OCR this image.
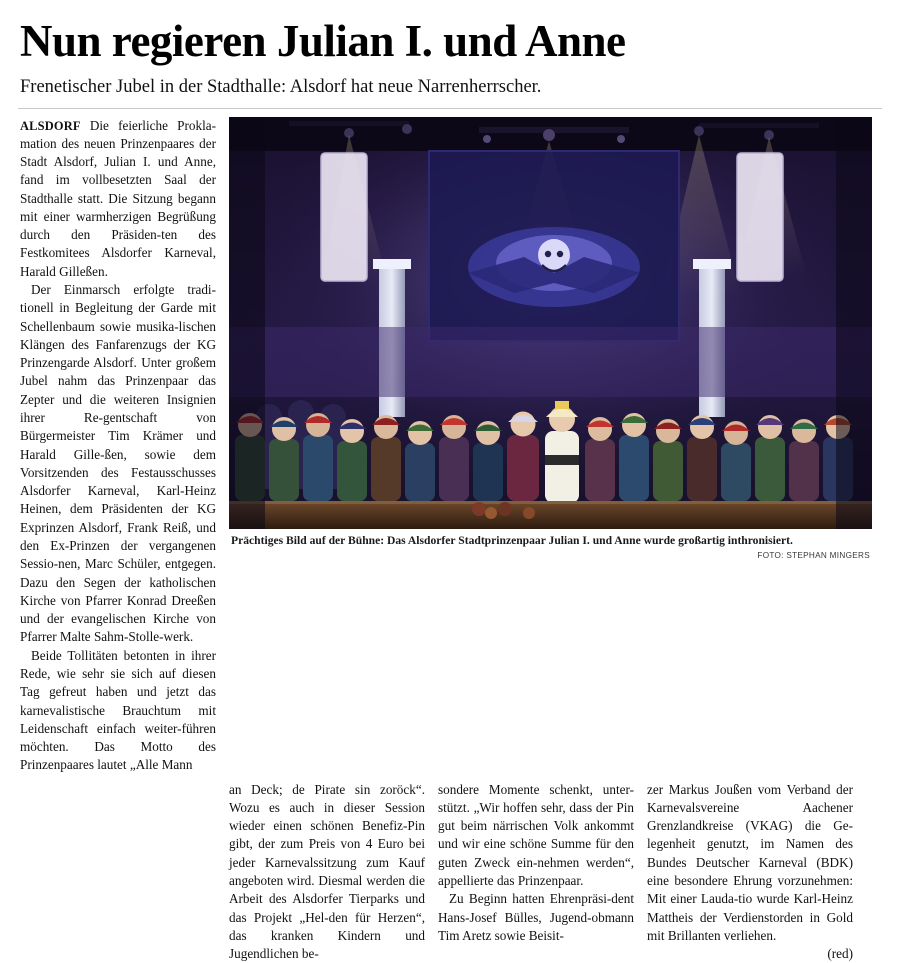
Nun regieren Julian I. und Anne
Frenetischer Jubel in der Stadthalle: Alsdorf hat neue Narrenherrscher.

ALSDORF Die feierliche Prokla-mation des neuen Prinzenpaares der Stadt Alsdorf, Julian I. und Anne, fand im vollbesetzten Saal der Stadthalle statt. Die Sitzung begann mit einer warmherzigen Begrüßung durch den Präsiden-ten des Festkomitees Alsdorfer Karneval, Harald Gilleßen.

Der Einmarsch erfolgte tradi-tionell in Begleitung der Garde mit Schellenbaum sowie musika-lischen Klängen des Fanfarenzugs der KG Prinzengarde Alsdorf. Unter großem Jubel nahm das Prinzenpaar das Zepter und die weiteren Insignien ihrer Re-gentschaft von Bürgermeister Tim Krämer und Harald Gille-ßen, sowie dem Vorsitzenden des Festausschusses Alsdorfer Karneval, Karl-Heinz Heinen, dem Präsidenten der KG Exprinzen Alsdorf, Frank Reiß, und den Ex-Prinzen der vergangenen Sessio-nen, Marc Schüler, entgegen. Dazu den Segen der katholischen Kirche von Pfarrer Konrad Dreeßen und der evangelischen Kirche von Pfarrer Malte Sahm-Stolle-werk.

Beide Tollitäten betonten in ihrer Rede, wie sehr sie sich auf diesen Tag gefreut haben und jetzt das karnevalistische Brauchtum mit Leidenschaft einfach weiter-führen möchten. Das Motto des Prinzenpaares lautet „Alle Mann

Prächtiges Bild auf der Bühne: Das Alsdorfer Stadtprinzenpaar Julian I. und Anne wurde großartig inthronisiert.
FOTO: STEPHAN MINGERS

an Deck; de Pirate sin zoröck“. Wozu es auch in dieser Session wieder einen schönen Benefiz-Pin gibt, der zum Preis von 4 Euro bei jeder Karnevalssitzung zum Kauf angeboten wird. Diesmal werden die Arbeit des Alsdorfer Tierparks und das Projekt „Hel-den für Herzen“, das kranken Kindern und Jugendlichen be-

sondere Momente schenkt, unter-stützt. „Wir hoffen sehr, dass der Pin gut beim närrischen Volk ankommt und wir eine schöne Summe für den guten Zweck ein-nehmen werden“, appellierte das Prinzenpaar.

Zu Beginn hatten Ehrenpräsi-dent Hans-Josef Bülles, Jugend-obmann Tim Aretz sowie Beisit-

zer Markus Joußen vom Verband der Karnevalsvereine Aachener Grenzlandkreise (VKAG) die Ge-legenheit genutzt, im Namen des Bundes Deutscher Karneval (BDK) eine besondere Ehrung vorzunehmen: Mit einer Lauda-tio wurde Karl-Heinz Mattheis der Verdienstorden in Gold mit Brillanten verliehen.

(red)
